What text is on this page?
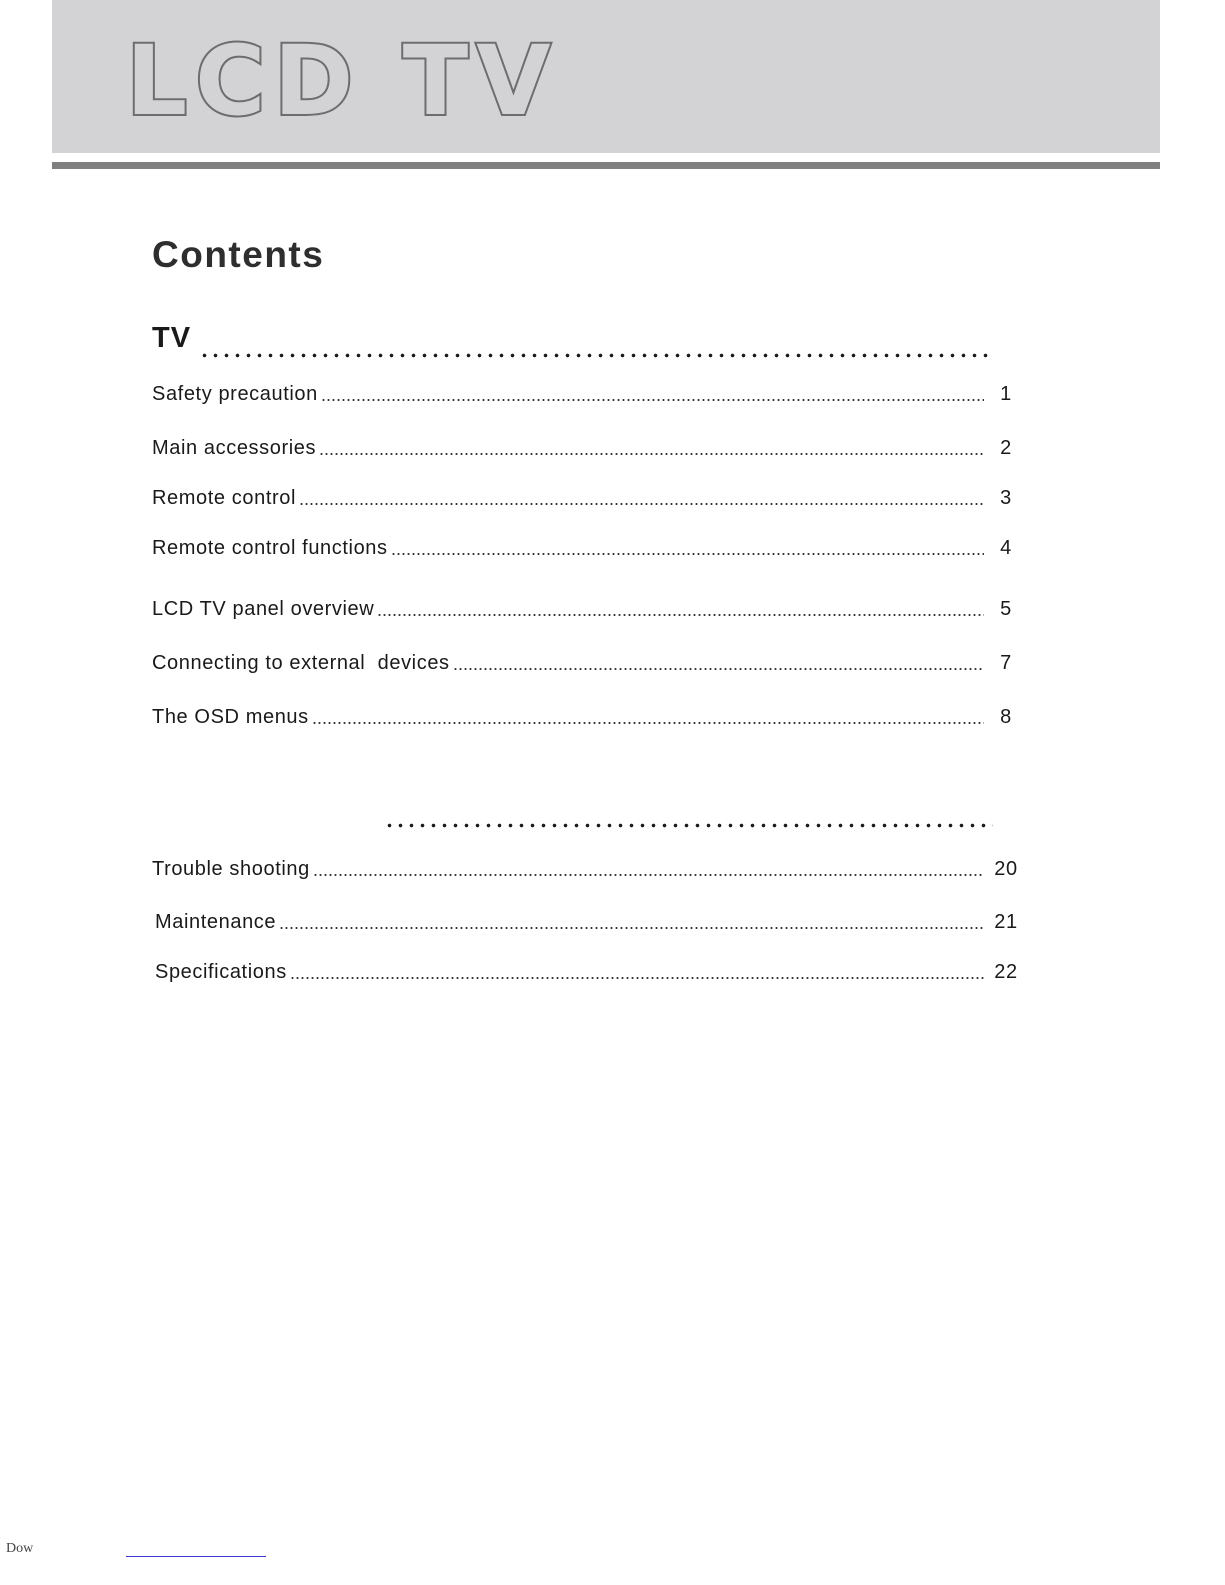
LCD TV
Contents
TV
Safety precaution	1
Main accessories	2
Remote control	3
Remote control functions	4
LCD TV panel overview	5
Connecting to external  devices	7
The OSD menus	8
Trouble shooting	20
Maintenance	21
Specifications	22
Dow
